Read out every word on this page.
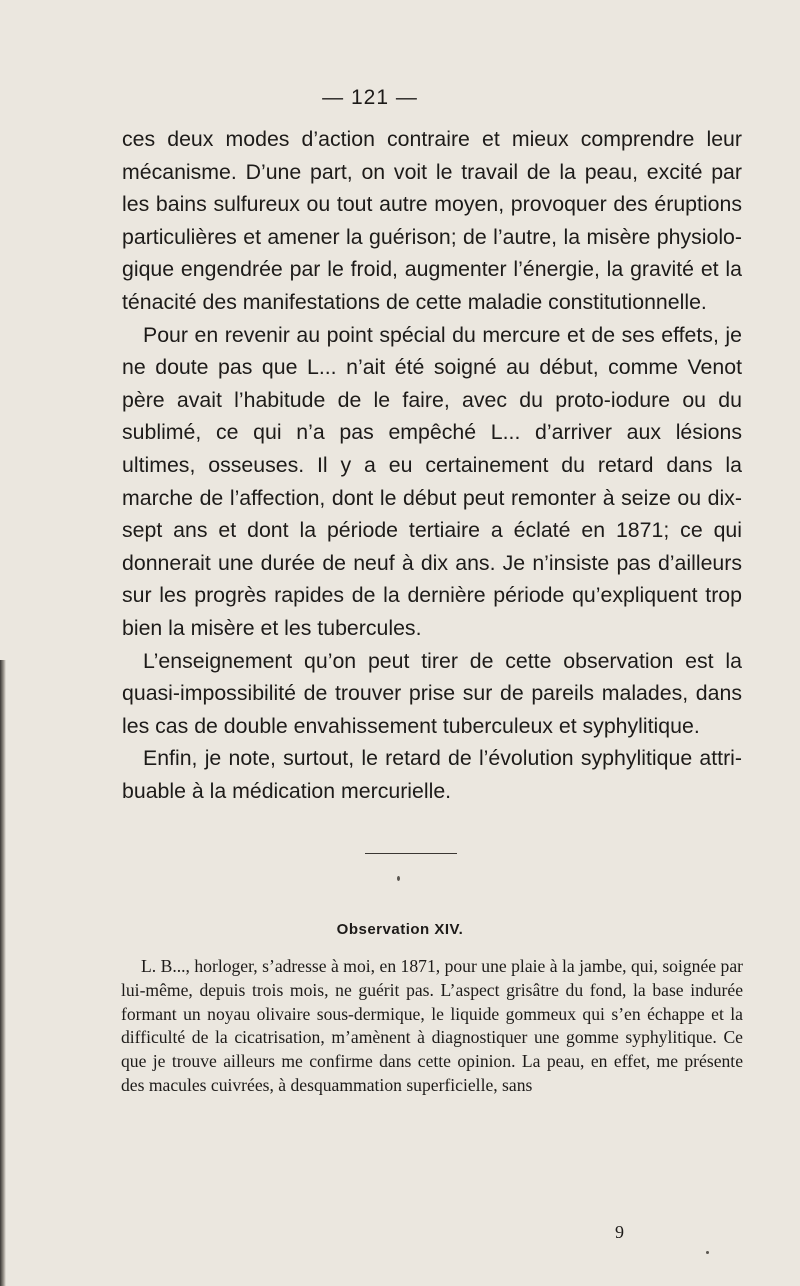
— 121 —

ces deux modes d’action contraire et mieux comprendre leur mécanisme. D’une part, on voit le travail de la peau, excité par les bains sulfureux ou tout autre moyen, provoquer des éruptions particulières et amener la guérison; de l’autre, la misère physiolo-gique engendrée par le froid, augmenter l’énergie, la gravité et la ténacité des manifestations de cette maladie constitutionnelle.

Pour en revenir au point spécial du mercure et de ses effets, je ne doute pas que L... n’ait été soigné au début, comme Venot père avait l’habitude de le faire, avec du proto-iodure ou du sublimé, ce qui n’a pas empêché L... d’arriver aux lésions ultimes, osseuses. Il y a eu certainement du retard dans la marche de l’affection, dont le début peut remonter à seize ou dix-sept ans et dont la période tertiaire a éclaté en 1871; ce qui donnerait une durée de neuf à dix ans. Je n’insiste pas d’ailleurs sur les progrès rapides de la dernière période qu’expliquent trop bien la misère et les tubercules.

L’enseignement qu’on peut tirer de cette observation est la quasi-impossibilité de trouver prise sur de pareils malades, dans les cas de double envahissement tuberculeux et syphylitique.

Enfin, je note, surtout, le retard de l’évolution syphylitique attri-buable à la médication mercurielle.

Observation XIV.

L. B..., horloger, s’adresse à moi, en 1871, pour une plaie à la jambe, qui, soignée par lui-même, depuis trois mois, ne guérit pas. L’aspect grisâtre du fond, la base indurée formant un noyau olivaire sous-dermique, le liquide gommeux qui s’en échappe et la difficulté de la cicatrisation, m’amènent à diagnostiquer une gomme syphylitique. Ce que je trouve ailleurs me confirme dans cette opinion. La peau, en effet, me présente des macules cuivrées, à desquammation superficielle, sans

9
